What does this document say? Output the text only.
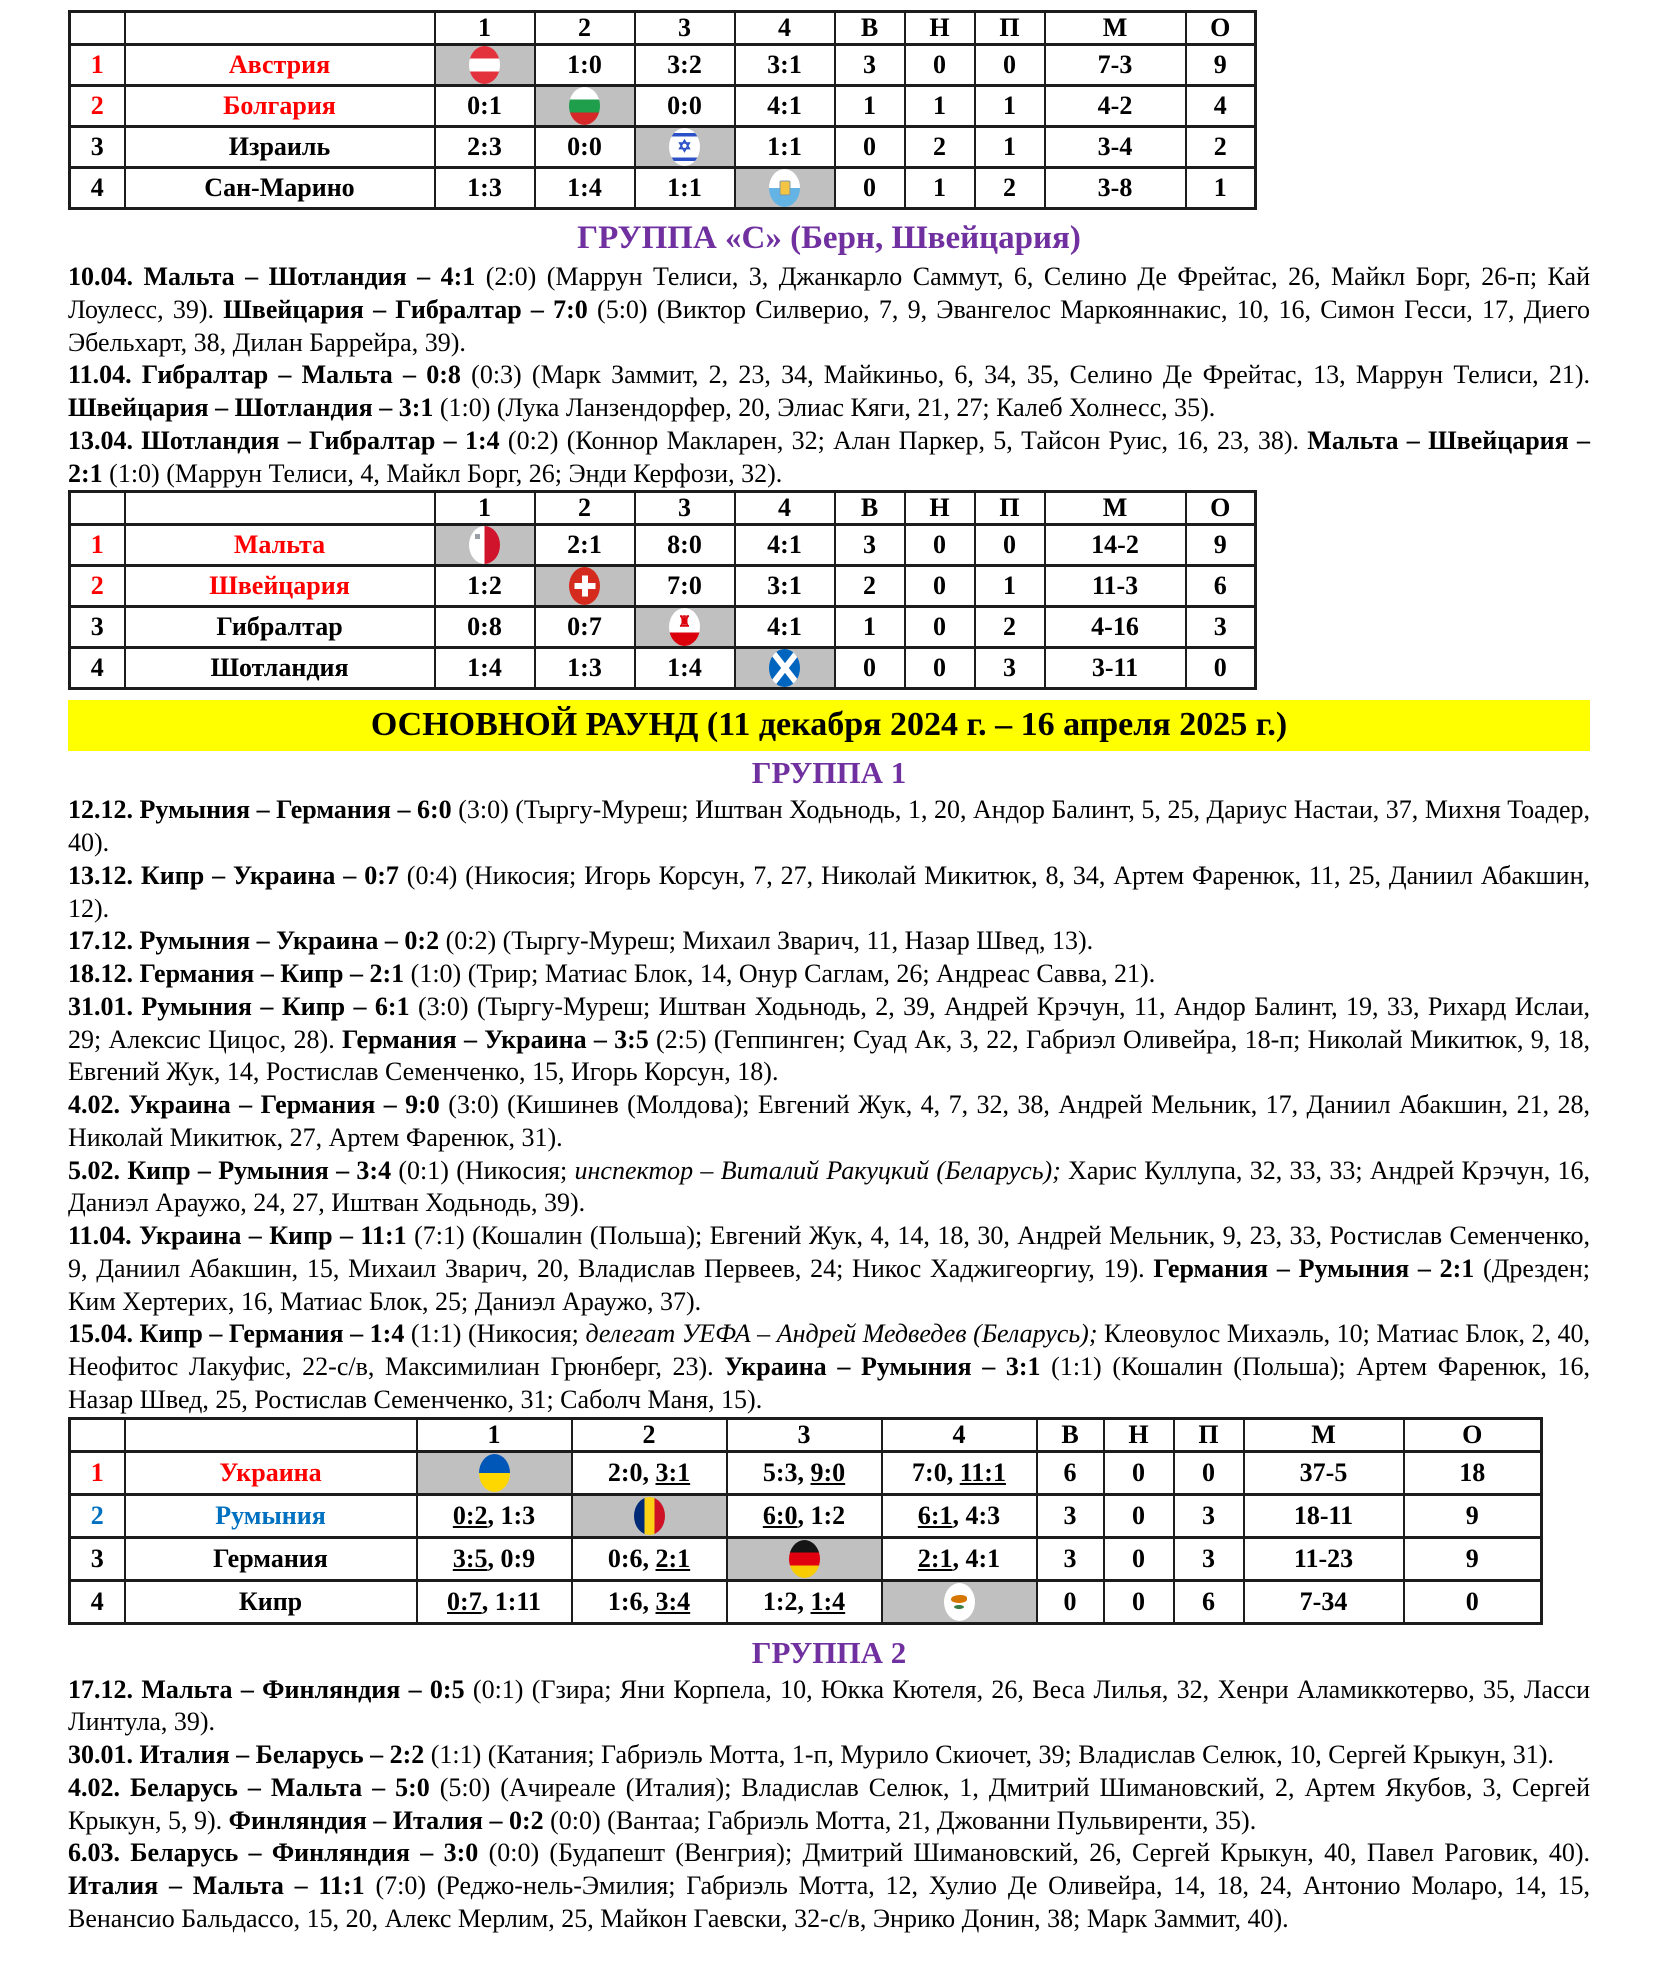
		1	2	3	4	В	Н	П	М	О
1	Австрия		1:0	3:2	3:1	3	0	0	7-3	9
2	Болгария	0:1		0:0	4:1	1	1	1	4-2	4
3	Израиль	2:3	0:0	✡	1:1	0	2	1	3-4	2
4	Сан-Марино	1:3	1:4	1:1		0	1	2	3-8	1
ГРУППА «C» (Берн, Швейцария)
10.04. Мальта – Шотландия – 4:1 (2:0) (Маррун Телиси, 3, Джанкарло Саммут, 6, Селино Де Фрейтас, 26, Майкл Борг, 26-п; Кай Лоулесс, 39). Швейцария – Гибралтар – 7:0 (5:0) (Виктор Силверио, 7, 9, Эвангелос Маркояннакис, 10, 16, Симон Гесси, 17, Диего Эбельхарт, 38, Дилан Баррейра, 39).
11.04. Гибралтар – Мальта – 0:8 (0:3) (Марк Заммит, 2, 23, 34, Майкиньо, 6, 34, 35, Селино Де Фрейтас, 13, Маррун Телиси, 21). Швейцария – Шотландия – 3:1 (1:0) (Лука Ланзендорфер, 20, Элиас Кяги, 21, 27; Калеб Холнесс, 35).
13.04. Шотландия – Гибралтар – 1:4 (0:2) (Коннор Макларен, 32; Алан Паркер, 5, Тайсон Руис, 16, 23, 38). Мальта – Швейцария – 2:1 (1:0) (Маррун Телиси, 4, Майкл Борг, 26; Энди Керфози, 32).
		1	2	3	4	В	Н	П	М	О
1	Мальта		2:1	8:0	4:1	3	0	0	14-2	9
2	Швейцария	1:2		7:0	3:1	2	0	1	11-3	6
3	Гибралтар	0:8	0:7	♜	4:1	1	0	2	4-16	3
4	Шотландия	1:4	1:3	1:4		0	0	3	3-11	0
ОСНОВНОЙ РАУНД (11 декабря 2024 г. – 16 апреля 2025 г.)
ГРУППА 1
12.12. Румыния – Германия – 6:0 (3:0) (Тыргу-Муреш; Иштван Ходьнодь, 1, 20, Андор Балинт, 5, 25, Дариус Настаи, 37, Михня Тоадер, 40).
13.12. Кипр – Украина – 0:7 (0:4) (Никосия; Игорь Корсун, 7, 27, Николай Микитюк, 8, 34, Артем Фаренюк, 11, 25, Даниил Абакшин, 12).
17.12. Румыния – Украина – 0:2 (0:2) (Тыргу-Муреш; Михаил Зварич, 11, Назар Швед, 13).
18.12. Германия – Кипр – 2:1 (1:0) (Трир; Матиас Блок, 14, Онур Саглам, 26; Андреас Савва, 21).
31.01. Румыния – Кипр – 6:1 (3:0) (Тыргу-Муреш; Иштван Ходьнодь, 2, 39, Андрей Крэчун, 11, Андор Балинт, 19, 33, Рихард Ислаи, 29; Алексис Цицос, 28). Германия – Украина – 3:5 (2:5) (Геппинген; Суад Ак, 3, 22, Габриэл Оливейра, 18-п; Николай Микитюк, 9, 18, Евгений Жук, 14, Ростислав Семенченко, 15, Игорь Корсун, 18).
4.02. Украина – Германия – 9:0 (3:0) (Кишинев (Молдова); Евгений Жук, 4, 7, 32, 38, Андрей Мельник, 17, Даниил Абакшин, 21, 28, Николай Микитюк, 27, Артем Фаренюк, 31).
5.02. Кипр – Румыния – 3:4 (0:1) (Никосия; инспектор – Виталий Ракуцкий (Беларусь); Харис Куллупа, 32, 33, 33; Андрей Крэчун, 16, Даниэл Араужо, 24, 27, Иштван Ходьнодь, 39).
11.04. Украина – Кипр – 11:1 (7:1) (Кошалин (Польша); Евгений Жук, 4, 14, 18, 30, Андрей Мельник, 9, 23, 33, Ростислав Семенченко, 9, Даниил Абакшин, 15, Михаил Зварич, 20, Владислав Первеев, 24; Никос Хаджигеоргиу, 19). Германия – Румыния – 2:1 (Дрезден; Ким Хертерих, 16, Матиас Блок, 25; Даниэл Араужо, 37).
15.04. Кипр – Германия – 1:4 (1:1) (Никосия; делегат УЕФА – Андрей Медведев (Беларусь); Клеовулос Михаэль, 10; Матиас Блок, 2, 40, Неофитос Лакуфис, 22-с/в, Максимилиан Грюнберг, 23). Украина – Румыния – 3:1 (1:1) (Кошалин (Польша); Артем Фаренюк, 16, Назар Швед, 25, Ростислав Семенченко, 31; Саболч Маня, 15).
		1	2	3	4	В	Н	П	М	О
1	Украина		2:0, 3:1	5:3, 9:0	7:0, 11:1	6	0	0	37-5	18
2	Румыния	0:2, 1:3		6:0, 1:2	6:1, 4:3	3	0	3	18-11	9
3	Германия	3:5, 0:9	0:6, 2:1		2:1, 4:1	3	0	3	11-23	9
4	Кипр	0:7, 1:11	1:6, 3:4	1:2, 1:4		0	0	6	7-34	0
ГРУППА 2
17.12. Мальта – Финляндия – 0:5 (0:1) (Гзира; Яни Корпела, 10, Юкка Кютеля, 26, Веса Лилья, 32, Хенри Аламиккотерво, 35, Ласси Линтула, 39).
30.01. Италия – Беларусь – 2:2 (1:1) (Катания; Габриэль Мотта, 1-п, Мурило Скиочет, 39; Владислав Селюк, 10, Сергей Крыкун, 31).
4.02. Беларусь – Мальта – 5:0 (5:0) (Ачиреале (Италия); Владислав Селюк, 1, Дмитрий Шимановский, 2, Артем Якубов, 3, Сергей Крыкун, 5, 9). Финляндия – Италия – 0:2 (0:0) (Вантаа; Габриэль Мотта, 21, Джованни Пульвиренти, 35).
6.03. Беларусь – Финляндия – 3:0 (0:0) (Будапешт (Венгрия); Дмитрий Шимановский, 26, Сергей Крыкун, 40, Павел Раговик, 40). Италия – Мальта – 11:1 (7:0) (Реджо-нель-Эмилия; Габриэль Мотта, 12, Хулио Де Оливейра, 14, 18, 24, Антонио Моларо, 14, 15, Венансио Бальдассо, 15, 20, Алекс Мерлим, 25, Майкон Гаевски, 32-с/в, Энрико Донин, 38; Марк Заммит, 40).
